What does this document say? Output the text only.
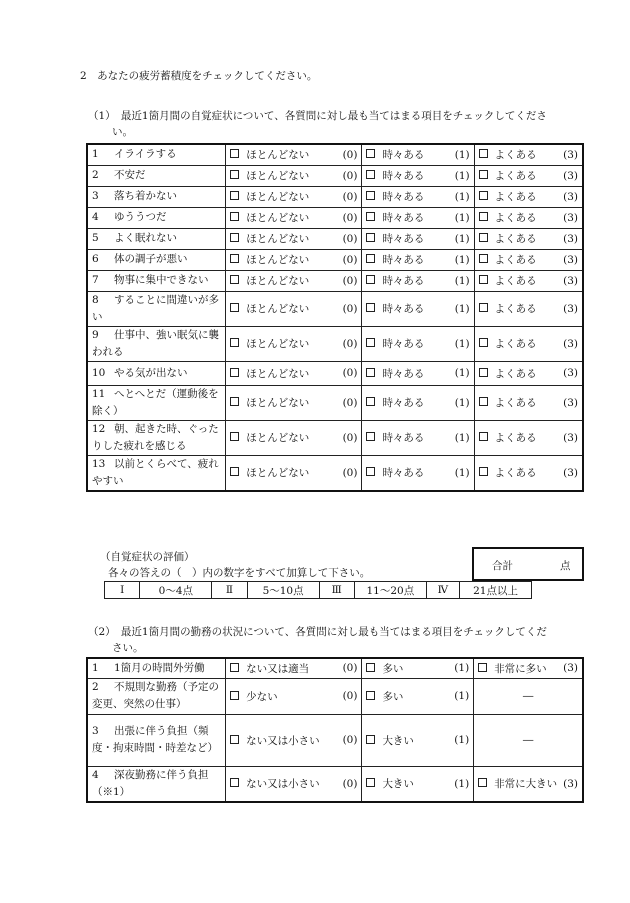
2　あなたの疲労蓄積度をチェックしてください。
（1）　最近1箇月間の自覚症状について、各質問に対し最も当てはまる項目をチェックしてくださ
い。
1 イライラする	ほとんどない (0)	時々ある (1)	よくある (3)

2 不安だ	ほとんどない (0)	時々ある (1)	よくある (3)

3 落ち着かない	ほとんどない (0)	時々ある (1)	よくある (3)

4 ゆううつだ	ほとんどない (0)	時々ある (1)	よくある (3)

5 よく眠れない	ほとんどない (0)	時々ある (1)	よくある (3)

6 体の調子が悪い	ほとんどない (0)	時々ある (1)	よくある (3)

7 物事に集中できない	ほとんどない (0)	時々ある (1)	よくある (3)

8 することに間違いが多い	ほとんどない (0)	時々ある (1)	よくある (3)

9 仕事中、強い眠気に襲われる	ほとんどない (0)	時々ある (1)	よくある (3)

10 やる気が出ない	ほとんどない (0)	時々ある (1)	よくある (3)

11 へとへとだ（運動後を除く）	ほとんどない (0)	時々ある (1)	よくある (3)

12 朝、起きた時、ぐったりした疲れを感じる	ほとんどない (0)	時々ある (1)	よくある (3)

13 以前とくらべて、疲れやすい	ほとんどない (0)	時々ある (1)	よくある (3)
（自覚症状の評価）
各々の答えの（　）内の数字をすべて加算して下さい。
合計	点
Ⅰ	0～4点	Ⅱ	5～10点	Ⅲ	11～20点	Ⅳ	21点以上
（2）　最近1箇月間の勤務の状況について、各質問に対し最も当てはまる項目をチェックしてくだ
さい。
1 1箇月の時間外労働	ない又は適当 (0)	多い (1)	非常に多い (3)

2 不規則な勤務（予定の変更、突然の仕事）	少ない (0)	多い (1)	―
3 出張に伴う負担（頻度・拘束時間・時差など）	ない又は小さい (0)	大きい (1)	―
4 深夜勤務に伴う負担（※1）	ない又は小さい (0)	大きい (1)	非常に大きい (3)
